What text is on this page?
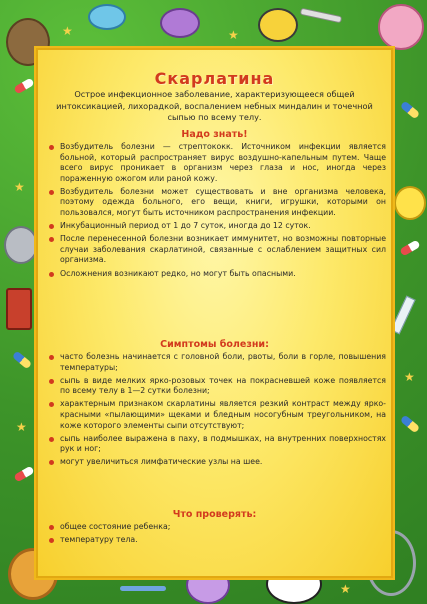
★	★
★
★
★
★
Скарлатина
Острое инфекционное заболевание, характеризующееся общей интоксикацией, лихорадкой, воспалением небных миндалин и точечной сыпью по всему телу.
Надо знать!
Возбудитель болезни — стрептококк. Источником инфекции является больной, который распространяет вирус воздушно-капельным путем. Чаще всего вирус проникает в организм через глаза и нос, иногда через пораженную ожогом или раной кожу.
Возбудитель болезни может существовать и вне организма человека, поэтому одежда больного, его вещи, книги, игрушки, которыми он пользовался, могут быть источником распространения инфекции.
Инкубационный период от 1 до 7 суток, иногда до 12 суток.
После перенесенной болезни возникает иммунитет, но возможны повторные случаи заболевания скарлатиной, связанные с ослаблением защитных сил организма.
Осложнения возникают редко, но могут быть опасными.
Симптомы болезни:
часто болезнь начинается с головной боли, рвоты, боли в горле, повышения температуры;
сыпь в виде мелких ярко-розовых точек на покрасневшей коже появляется по всему телу в 1—2 сутки болезни;
характерным признаком скарлатины является резкий контраст между ярко-красными «пылающими» щеками и бледным носогубным треугольником, на коже которого элементы сыпи отсутствуют;
сыпь наиболее выражена в паху, в подмышках, на внутренних поверхностях рук и ног;
могут увеличиться лимфатические узлы на шее.
Что проверять:
общее состояние ребенка;
температуру тела.
